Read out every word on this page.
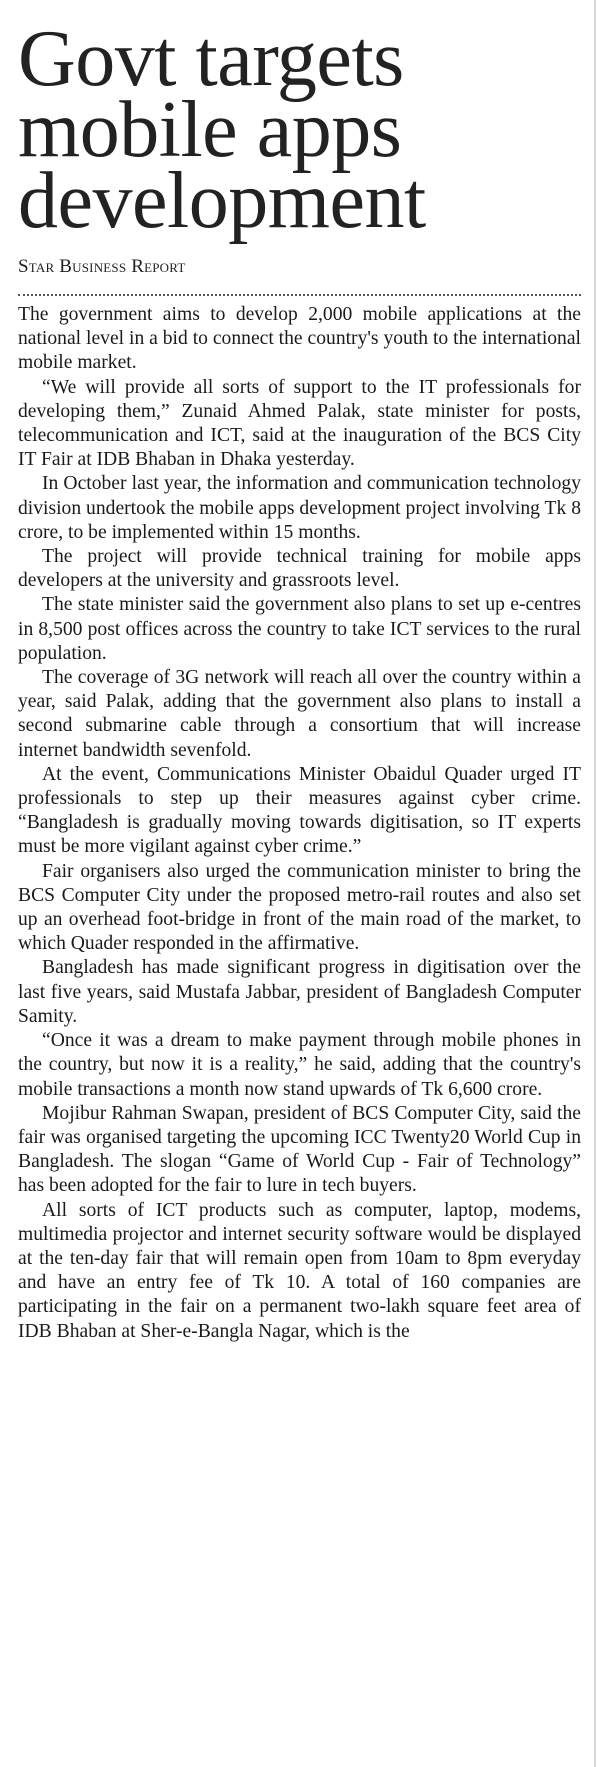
Govt targets
mobile apps
development
Star Business Report

The government aims to develop 2,000 mobile applications at the national level in a bid to connect the country's youth to the international mobile market.

“We will provide all sorts of support to the IT professionals for developing them,” Zunaid Ahmed Palak, state minister for posts, telecommunication and ICT, said at the inauguration of the BCS City IT Fair at IDB Bhaban in Dhaka yesterday.

In October last year, the information and communication technology division undertook the mobile apps development project involving Tk 8 crore, to be implemented within 15 months.

The project will provide technical training for mobile apps developers at the university and grassroots level.

The state minister said the government also plans to set up e-centres in 8,500 post offices across the country to take ICT services to the rural population.

The coverage of 3G network will reach all over the country within a year, said Palak, adding that the government also plans to install a second submarine cable through a consortium that will increase internet bandwidth sevenfold.

At the event, Communications Minister Obaidul Quader urged IT professionals to step up their measures against cyber crime. “Bangladesh is gradually moving towards digitisation, so IT experts must be more vigilant against cyber crime.”

Fair organisers also urged the communication minister to bring the BCS Computer City under the proposed metro-rail routes and also set up an overhead foot-bridge in front of the main road of the market, to which Quader responded in the affirmative.

Bangladesh has made significant progress in digitisation over the last five years, said Mustafa Jabbar, president of Bangladesh Computer Samity.

“Once it was a dream to make payment through mobile phones in the country, but now it is a reality,” he said, adding that the country's mobile transactions a month now stand upwards of Tk 6,600 crore.

Mojibur Rahman Swapan, president of BCS Computer City, said the fair was organised targeting the upcoming ICC Twenty20 World Cup in Bangladesh. The slogan “Game of World Cup - Fair of Technology” has been adopted for the fair to lure in tech buyers.

All sorts of ICT products such as computer, laptop, modems, multimedia projector and internet security software would be displayed at the ten-day fair that will remain open from 10am to 8pm everyday and have an entry fee of Tk 10. A total of 160 companies are participating in the fair on a permanent two-lakh square feet area of IDB Bhaban at Sher-e-Bangla Nagar, which is the
